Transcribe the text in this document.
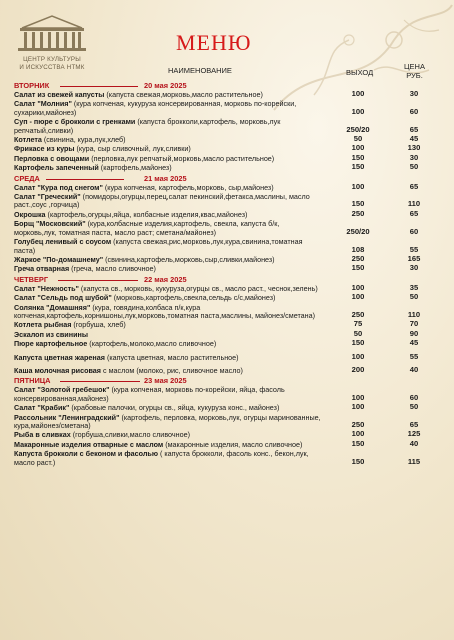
ЦЕНТР КУЛЬТУРЫ
И ИСКУССТВА НТМК
МЕНЮ
НАИМЕНОВАНИЕ	ВЫХОД
ЦЕНА
РУБ.
ВТОРНИК	20 мая 2025
Салат из свежей капусты (капуста свежая,морковь,масло растительное)	100	30
Салат "Молния" (кура копченая, кукуруза консервированная, морковь по-корейски, сухарики,майонез)	100	60
Суп - пюре с брокколи с гренками (капуста брокколи,картофель, морковь,лук репчатый,сливки)	250/20	65
Котлета (свинина, кура,лук,хлеб)	50	45
Фрикасе из куры (кура, сыр сливочный, лук,сливки)	100	130
Перловка с овощами (перловка,лук репчатый,морковь,масло растительное)	150	30
Картофель запеченный (картофель,майонез)	150	50
СРЕДА	21 мая 2025
Салат "Кура под снегом" (кура копченая, картофель,морковь, сыр,майонез)	100	65
Салат "Греческий" (помидоры,огурцы,перец,салат пекинский,фетакса,маслины, масло раст.,соус ,горчица)	150	110
Окрошка (картофель,огурцы,яйца, колбасные изделия,квас,майонез)	250	65
Борщ "Московский" (кура,колбасные изделия,картофель, свекла, капуста б/к, морковь,лук, томатная паста, масло раст; сметана/майонез)	250/20	60
Голубец ленивый с соусом (капуста свежая,рис,морковь,лук,кура,свинина,томатная паста)	108	55
Жаркое "По-домашнему" (свинина,картофель,морковь,сыр,сливки,майонез)	250	165
Греча отварная (греча, масло сливочное)	150	30
ЧЕТВЕРГ	22 мая 2025
Салат "Нежность" (капуста св., морковь, кукуруза,огурцы св., масло раст., чеснок,зелень)	100	35
Салат "Сельдь под шубой" (морковь,картофель,свекла,сельдь с/с,майонез)	100	50
Солянка "Домашняя" (кура, говядина,колбаса п/к,кура копченая,картофель,корнишоны,лук,морковь,томатная паста,маслины, майонез/сметана)	250	110
Котлета рыбная (горбуша, хлеб)	75	70
Эскалоп из свинины	50	90
Пюре картофельное (картофель,молоко,масло сливочное)	150	45
Капуста цветная жареная (капуста цветная, масло растительное)	100	55
Каша молочная рисовая с маслом (молоко, рис, сливочное масло)	200	40
ПЯТНИЦА	23 мая 2025
Салат "Золотой гребешок" (кура копченая, морковь по-корейски, яйца, фасоль консервированная,майонез)	100	60
Салат "Крабик" (крабовые палочки, огурцы св., яйца, кукуруза конс., майонез)	100	50
Рассольник "Ленинградский" (картофель, перловка, морковь,лук, огурцы маринованные, кура,майонез/сметана)	250	65
Рыба в сливках (горбуша,сливки,масло сливочное)	100	125
Макаронные изделия отварные с маслом (макаронные изделия, масло сливочное)	150	40
Капуста брокколи с беконом и фасолью ( капуста брокколи, фасоль конс., бекон,лук, масло раст.)	150	115
